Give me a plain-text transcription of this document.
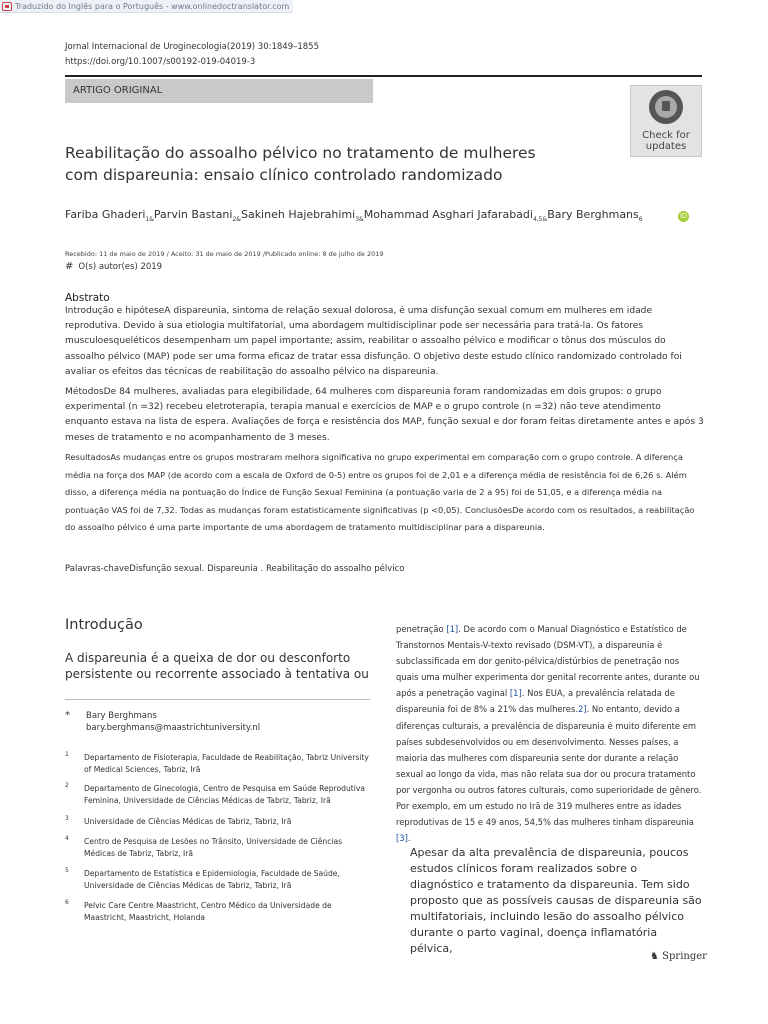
Traduzido do Inglês para o Português - www.onlinedoctranslator.com
Jornal Internacional de Uroginecologia(2019) 30:1849–1855
https://doi.org/10.1007/s00192-019-04019-3
ARTIGO ORIGINAL
Check for
updates
Reabilitação do assoalho pélvico no tratamento de mulheres
com dispareunia: ensaio clínico controlado randomizado
Fariba Ghaderi$_{1\&}$Parvin Bastani$_{2\&}$Sakineh Hajebrahimi$_{3\&}$Mohammad Asghari Jafarabadi$_{4,5\&}$Bary Berghmans$_6$	iD
Recebido: 11 de maio de 2019 / Aceito: 31 de maio de 2019 /Publicado online: 8 de julho de 2019
# O(s) autor(es) 2019
Abstrato
Introdução e hipóteseA dispareunia, sintoma de relação sexual dolorosa, é uma disfunção sexual comum em mulheres em idade reprodutiva. Devido à sua etiologia multifatorial, uma abordagem multidisciplinar pode ser necessária para tratá-la. Os fatores musculoesqueléticos desempenham um papel importante; assim, reabilitar o assoalho pélvico e modificar o tônus dos músculos do assoalho pélvico (MAP) pode ser uma forma eficaz de tratar essa disfunção. O objetivo deste estudo clínico randomizado controlado foi avaliar os efeitos das técnicas de reabilitação do assoalho pélvico na dispareunia.
MétodosDe 84 mulheres, avaliadas para elegibilidade, 64 mulheres com dispareunia foram randomizadas em dois grupos: o grupo experimental (n =32) recebeu eletroterapia, terapia manual e exercícios de MAP e o grupo controle (n =32) não teve atendimento enquanto estava na lista de espera. Avaliações de força e resistência dos MAP, função sexual e dor foram feitas diretamente antes e após 3 meses de tratamento e no acompanhamento de 3 meses.
ResultadosAs mudanças entre os grupos mostraram melhora significativa no grupo experimental em comparação com o grupo controle. A diferença média na força dos MAP (de acordo com a escala de Oxford de 0-5) entre os grupos foi de 2,01 e a diferença média de resistência foi de 6,26 s. Além disso, a diferença média na pontuação do Índice de Função Sexual Feminina (a pontuação varia de 2 a 95) foi de 51,05, e a diferença média na pontuação VAS foi de 7,32. Todas as mudanças foram estatisticamente significativas (p <0,05). ConclusõesDe acordo com os resultados, a reabilitação do assoalho pélvico é uma parte importante de uma abordagem de tratamento multidisciplinar para a dispareunia.
Palavras-chaveDisfunção sexual. Dispareunia . Reabilitação do assoalho pélvico
Introdução
A dispareunia é a queixa de dor ou desconforto persistente ou recorrente associado à tentativa ou
* Bary Berghmans
bary.berghmans@maastrichtuniversity.nl
1 Departamento de Fisioterapia, Faculdade de Reabilitação, Tabriz University of Medical Sciences, Tabriz, Irã
2 Departamento de Ginecologia, Centro de Pesquisa em Saúde Reprodutiva Feminina, Universidade de Ciências Médicas de Tabriz, Tabriz, Irã
3 Universidade de Ciências Médicas de Tabriz, Tabriz, Irã
4 Centro de Pesquisa de Lesões no Trânsito, Universidade de Ciências Médicas de Tabriz, Tabriz, Irã
5 Departamento de Estatística e Epidemiologia, Faculdade de Saúde, Universidade de Ciências Médicas de Tabriz, Tabriz, Irã
6 Pelvic Care Centre Maastricht, Centro Médico da Universidade de Maastricht, Maastricht, Holanda
penetração [1]. De acordo com o Manual Diagnóstico e Estatístico de Transtornos Mentais-V-texto revisado (DSM-VT), a dispareunia é subclassificada em dor genito-pélvica/distúrbios de penetração nos quais uma mulher experimenta dor genital recorrente antes, durante ou após a penetração vaginal [1]. Nos EUA, a prevalência relatada de dispareunia foi de 8% a 21% das mulheres.2]. No entanto, devido a diferenças culturais, a prevalência de dispareunia é muito diferente em países subdesenvolvidos ou em desenvolvimento. Nesses países, a maioria das mulheres com dispareunia sente dor durante a relação sexual ao longo da vida, mas não relata sua dor ou procura tratamento por vergonha ou outros fatores culturais, como superioridade de gênero. Por exemplo, em um estudo no Irã de 319 mulheres entre as idades reprodutivas de 15 e 49 anos, 54,5% das mulheres tinham dispareunia [3].
Apesar da alta prevalência de dispareunia, poucos estudos clínicos foram realizados sobre o diagnóstico e tratamento da dispareunia. Tem sido proposto que as possíveis causas de dispareunia são multifatoriais, incluindo lesão do assoalho pélvico durante o parto vaginal, doença inflamatória pélvica,
♞ Springer
